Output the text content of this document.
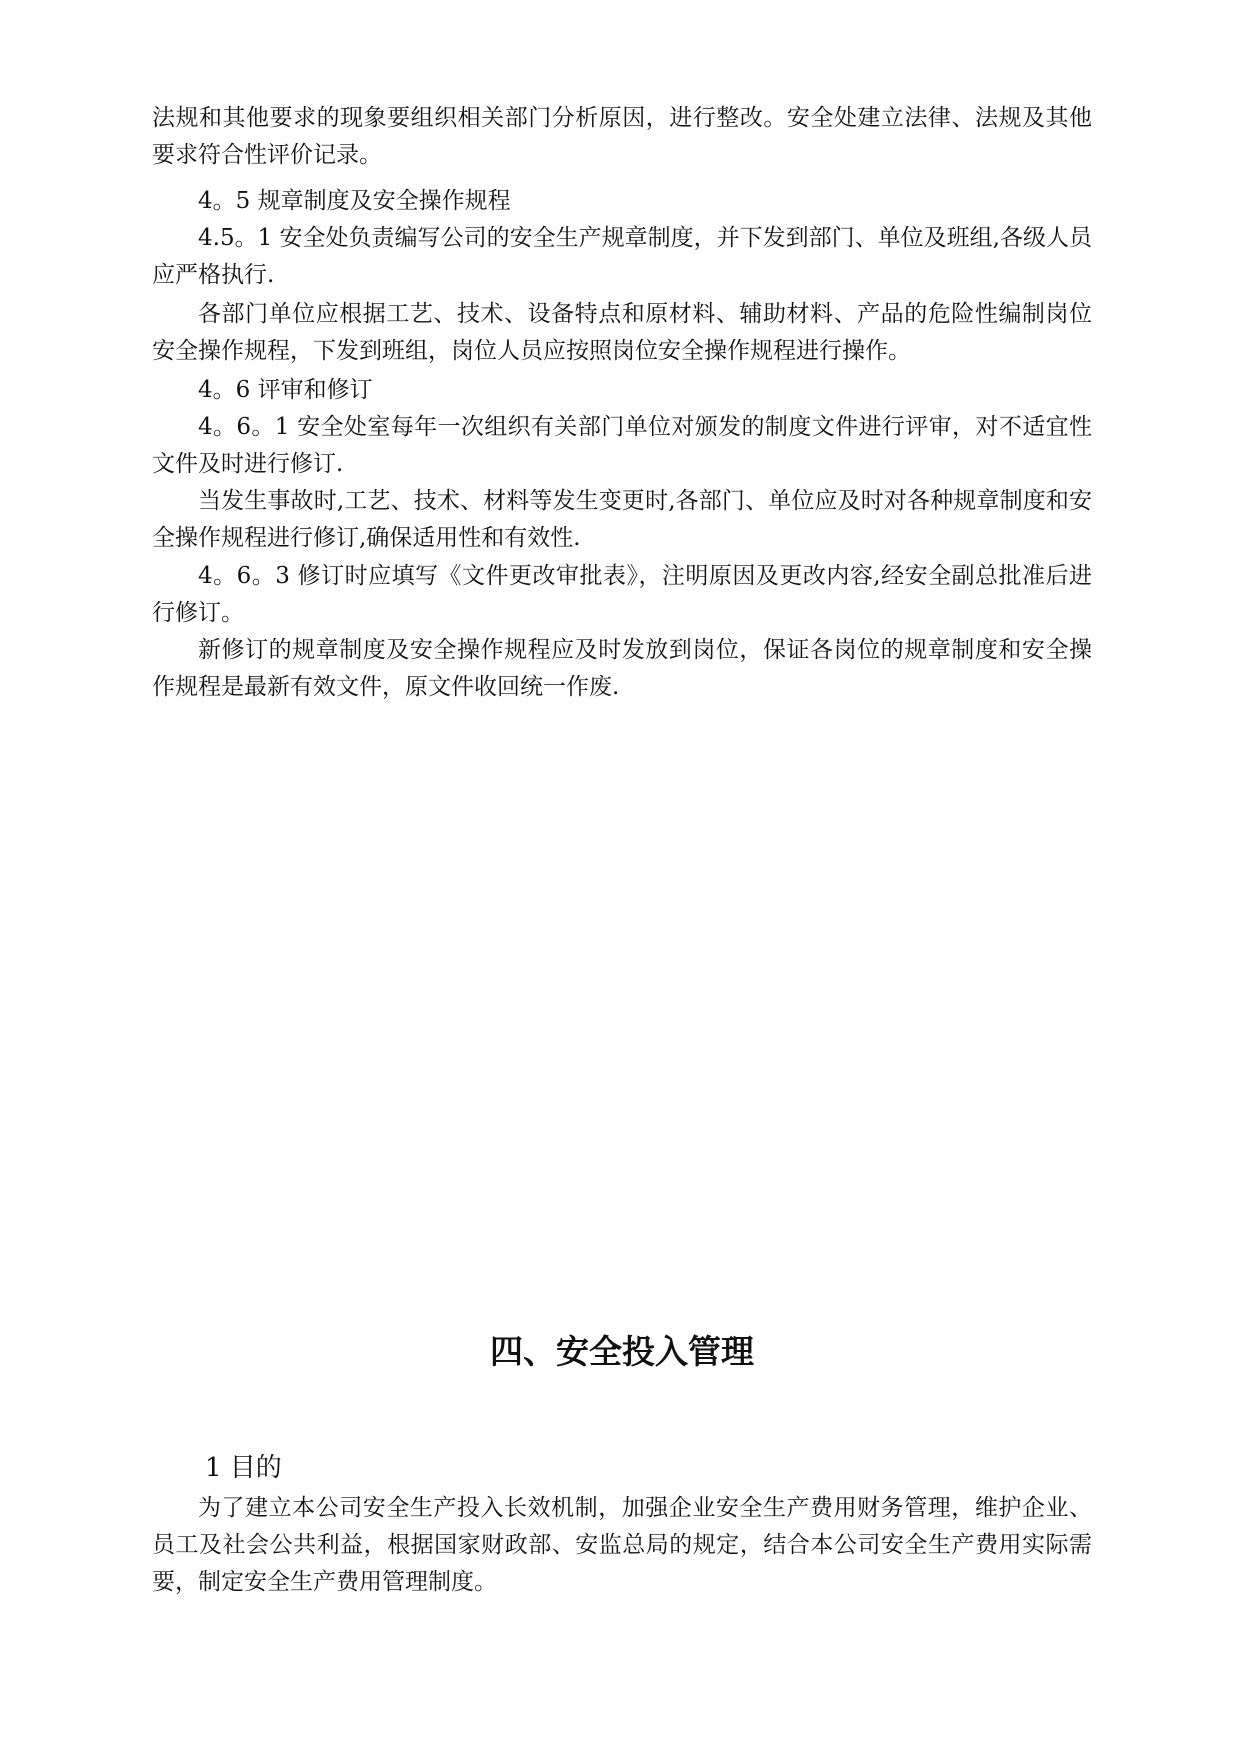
法规和其他要求的现象要组织相关部门分析原因，进行整改。安全处建立法律、法规及其他要求符合性评价记录。

4。5 规章制度及安全操作规程

4.5。1 安全处负责编写公司的安全生产规章制度，并下发到部门、单位及班组,各级人员应严格执行.

各部门单位应根据工艺、技术、设备特点和原材料、辅助材料、产品的危险性编制岗位安全操作规程，下发到班组，岗位人员应按照岗位安全操作规程进行操作。

4。6 评审和修订

4。6。1 安全处室每年一次组织有关部门单位对颁发的制度文件进行评审，对不适宜性文件及时进行修订.

当发生事故时,工艺、技术、材料等发生变更时,各部门、单位应及时对各种规章制度和安全操作规程进行修订,确保适用性和有效性.

4。6。3 修订时应填写《文件更改审批表》，注明原因及更改内容,经安全副总批准后进行修订。

新修订的规章制度及安全操作规程应及时发放到岗位，保证各岗位的规章制度和安全操作规程是最新有效文件，原文件收回统一作废.

四、安全投入管理

1 目的

为了建立本公司安全生产投入长效机制，加强企业安全生产费用财务管理，维护企业、员工及社会公共利益，根据国家财政部、安监总局的规定，结合本公司安全生产费用实际需要，制定安全生产费用管理制度。
